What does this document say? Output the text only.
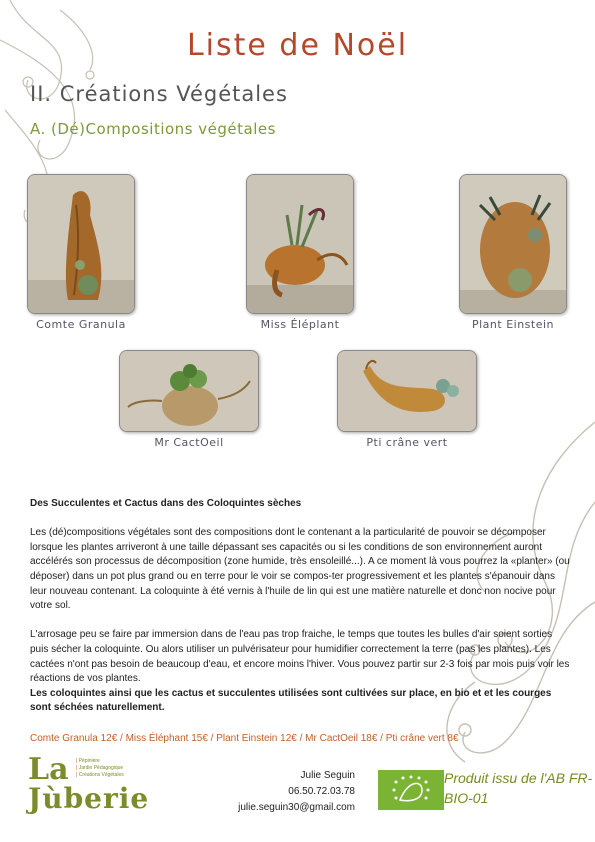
Liste de Noël
II. Créations Végétales
A. (Dé)Compositions végétales
Comte Granula	Miss Éléplant	Plant Einstein
Mr CactOeil	Pti crâne vert

Des Succulentes et Cactus dans des Coloquintes sèches

Les (dé)compositions végétales sont des compositions dont le contenant a la particularité de pouvoir se décomposer lorsque les plantes arriveront à une taille dépassant ses capacités ou si les conditions de son environnement auront accélérés son processus de décomposition (zone humide, très ensoleillé...). A ce moment là vous pourrez la «planter» (ou déposer) dans un pot plus grand ou en terre pour le voir se compos-ter progressivement et les plantes s'épanouir dans leur nouveau contenant. La coloquinte à été vernis à l'huile de lin qui est une matière naturelle et donc non nocive pour votre sol.

L'arrosage peu se faire par immersion dans de l'eau pas trop fraiche, le temps que toutes les bulles d'air soient sorties puis sécher la coloquinte. Ou alors utiliser un pulvérisateur pour humidifier correctement la terre (pas les plantes). Les cactées n'ont pas besoin de beaucoup d'eau, et encore moins l'hiver. Vous pouvez partir sur 2-3 fois par mois puis voir les réactions de vos plantes.

Les coloquintes ainsi que les cactus et succulentes utilisées sont cultivées sur place, en bio et et les courges sont séchées naturellement.

Comte Granula 12€ / Miss Éléphant 15€ / Plant Einstein 12€ / Mr CactOeil 18€ / Pti crâne vert 8€
La | Pépinière
| Jardin Pédagogique
| Créations Végétales
Jùberie
Julie Seguin
06.50.72.03.78
julie.seguin30@gmail.com
Produit issu de l'AB FR-BIO-01
